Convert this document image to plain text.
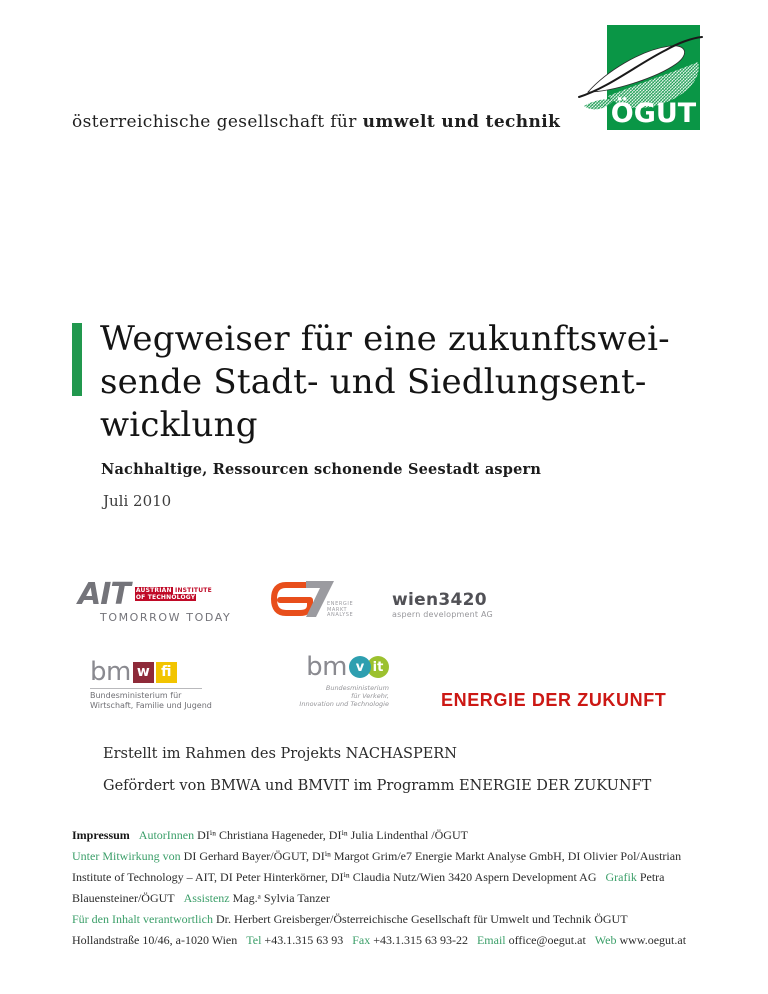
österreichische gesellschaft für umwelt und technik ÖGUT
Wegweiser für eine zukunftswei-
sende Stadt- und Siedlungsent-
wicklung
Nachhaltige, Ressourcen schonende Seestadt aspern
Juli 2010
AIT AUSTRIAN INSTITUTE
OF TECHNOLOGY
TOMORROW TODAY
ENERGIE
MARKT
ANALYSE
wien3420
aspern development AG
bm w fi
Bundesministerium für
Wirtschaft, Familie und Jugend
bm v it
Bundesministerium
für Verkehr,
Innovation und Technologie	ENERGIE DER ZUKUNFT
Erstellt im Rahmen des Projekts NACHASPERN
Gefördert von BMWA und BMVIT im Programm ENERGIE DER ZUKUNFT

Impressum AutorInnen DIⁱⁿ Christiana Hageneder, DIⁱⁿ Julia Lindenthal /ÖGUT
Unter Mitwirkung von DI Gerhard Bayer/ÖGUT, DIⁱⁿ Margot Grim/e7 Energie Markt Analyse GmbH, DI Olivier Pol/Austrian Institute of Technology – AIT, DI Peter Hinterkörner, DIⁱⁿ Claudia Nutz/Wien 3420 Aspern Development AG Grafik Petra Blauensteiner/ÖGUT Assistenz Mag.ᵃ Sylvia Tanzer
Für den Inhalt verantwortlich Dr. Herbert Greisberger/Österreichische Gesellschaft für Umwelt und Technik ÖGUT
Hollandstraße 10/46, a-1020 Wien Tel +43.1.315 63 93 Fax +43.1.315 63 93-22 Email office@oegut.at Web www.oegut.at
